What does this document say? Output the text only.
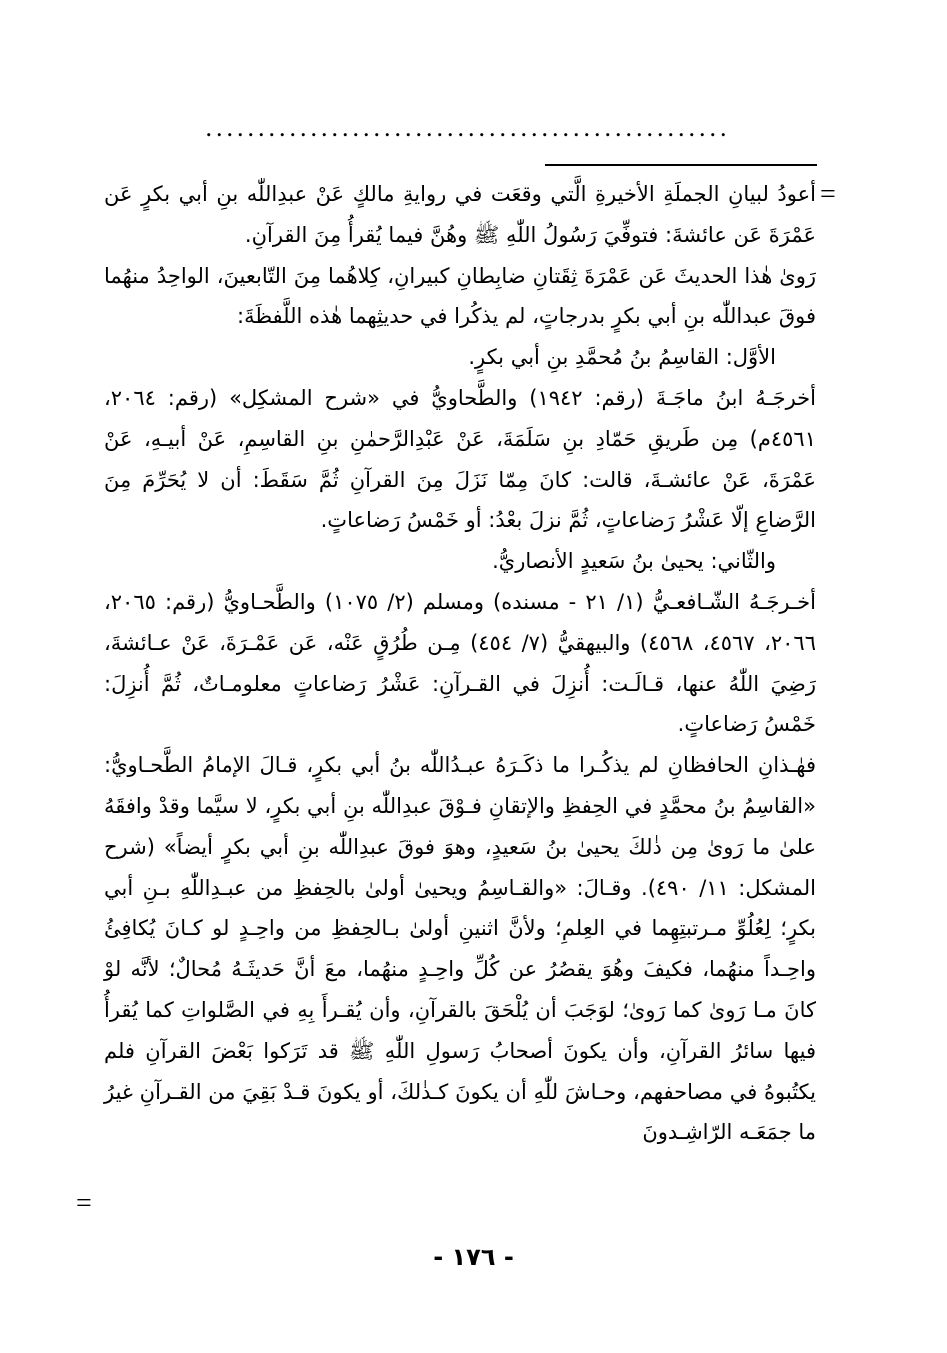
..................................................
=

أعودُ لبيانِ الجملَةِ الأخيرةِ الَّتي وقعَت في روايةِ مالكٍ عَنْ عبدِاللّٰه بنِ أبي بكرٍ عَن عَمْرَةَ عَن عائشةَ: فتوفِّيَ رَسُولُ اللّٰهِ ﷺ وهُنَّ فيما يُقرأُ مِنَ القرآنِ.

رَوىٰ هٰذا الحديثَ عَن عَمْرَةَ ثِقَتانِ ضابِطانِ كبيرانِ، كِلاهُما مِنَ التّابعينَ، الواحِدُ منهُما فوقَ عبداللّٰه بنِ أبي بكرٍ بدرجاتٍ، لم يذكُرا في حديثِهما هٰذه اللَّفظَةَ:

الأوَّل: القاسِمُ بنُ مُحمَّدِ بنِ أبي بكرٍ.

أخرجَـهُ ابنُ ماجَـةَ (رقم: ١٩٤٢) والطَّحاويُّ في «شرح المشكِل» (رقم: ٢٠٦٤، ٤٥٦١م) مِن طَريقِ حَمّادِ بنِ سَلَمَةَ، عَنْ عَبْدِالرَّحمٰنِ بنِ القاسِمِ، عَنْ أبيـهِ، عَنْ عَمْرَةَ، عَنْ عائشـةَ، قالت: كانَ مِمّا نَزَلَ مِنَ القرآنِ ثُمَّ سَقَطَ: أن لا يُحَرِّمَ مِنَ الرَّضاعِ إلّا عَشْرُ رَضاعاتٍ، ثُمَّ نزلَ بعْدُ: أو خَمْسُ رَضاعاتٍ.

والثّاني: يحيىٰ بنُ سَعيدٍ الأنصاريُّ.

أخـرجَـهُ الشّـافعـيُّ (١/ ٢١ - مسنده) ومسلم (٢/ ١٠٧٥) والطَّحـاويُّ (رقم: ٢٠٦٥، ٢٠٦٦، ٤٥٦٧، ٤٥٦٨) والبيهقيُّ (٧/ ٤٥٤) مِـن طُرُقٍ عَنْه، عَن عَمْـرَةَ، عَنْ عـائشةَ، رَضِيَ اللّٰهُ عنها، قـالَـت: أُنزِلَ في القـرآنِ: عَشْرُ رَضاعاتٍ معلومـاتٌ، ثُمَّ أُنزِلَ: خَمْسُ رَضاعاتٍ.

فهٰـذانِ الحافظانِ لم يذكُـرا ما ذكَـرَهُ عبـدُاللّٰه بنُ أبي بكرٍ، قـالَ الإمامُ الطَّحـاويُّ: «القاسِمُ بنُ محمَّدٍ في الحِفظِ والإتقانِ فـوْقَ عبدِاللّٰه بنِ أبي بكرٍ، لا سيَّما وقدْ وافقَهُ علىٰ ما رَوىٰ مِن ذٰلكَ يحيىٰ بنُ سَعيدٍ، وهوَ فوقَ عبدِاللّٰه بنِ أبي بكرٍ أيضاً» (شرح المشكل: ١١/ ٤٩٠). وقـالَ: «والقـاسِمُ ويحيىٰ أولىٰ بالحِفظِ من عبـدِاللّٰهِ بـنِ أبي بكرٍ؛ لِعُلُوِّ مـرتبتِهِما في العِلمِ؛ ولأنَّ اثنينِ أولىٰ بـالحِفظِ من واحِـدٍ لو كـانَ يُكافِئُ واحِـداً منهُما، فكيفَ وهُوَ يقصُرُ عن كُلِّ واحِـدٍ منهُما، معَ أنَّ حَديثَـهُ مُحالٌ؛ لأنَّه لوْ كانَ مـا رَوىٰ كما رَوىٰ؛ لوَجَبَ أن يُلْحَقَ بالقرآنِ، وأن يُقـرأَ بِهِ في الصَّلواتِ كما يُقرأُ فيها سائرُ القرآنِ، وأن يكونَ أصحابُ رَسولِ اللّٰهِ ﷺ قد تَرَكوا بَعْضَ القرآنِ فلم يكتُبوهُ في مصاحفهم، وحـاشَ للّٰهِ أن يكونَ كـذٰلكَ، أو يكونَ قـدْ بَقِيَ من القـرآنِ غيرُ ما جمَعَـه الرّاشِـدونَ

=
- ١٧٦ -
